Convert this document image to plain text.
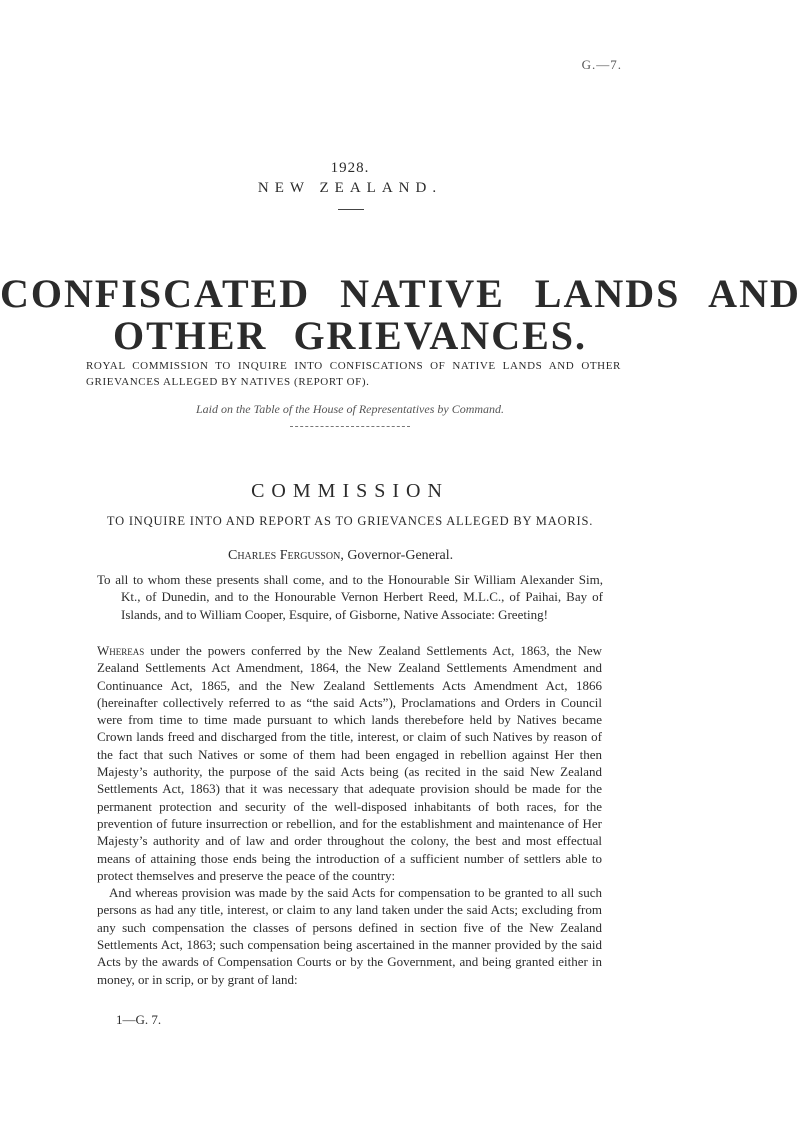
G.—7.
1928.
NEW ZEALAND.
CONFISCATED NATIVE LANDS AND
OTHER GRIEVANCES.
ROYAL COMMISSION TO INQUIRE INTO CONFISCATIONS OF NATIVE LANDS AND OTHER GRIEVANCES ALLEGED BY NATIVES (REPORT OF).
Laid on the Table of the House of Representatives by Command.
COMMISSION
TO INQUIRE INTO AND REPORT AS TO GRIEVANCES ALLEGED BY MAORIS.
Charles Fergusson, Governor-General.
To all to whom these presents shall come, and to the Honourable Sir William Alexander Sim, Kt., of Dunedin, and to the Honourable Vernon Herbert Reed, M.L.C., of Paihai, Bay of Islands, and to William Cooper, Esquire, of Gisborne, Native Associate: Greeting!

Whereas under the powers conferred by the New Zealand Settlements Act, 1863, the New Zealand Settlements Act Amendment, 1864, the New Zealand Settlements Amendment and Continuance Act, 1865, and the New Zealand Settlements Acts Amendment Act, 1866 (hereinafter collectively referred to as “the said Acts”), Proclamations and Orders in Council were from time to time made pursuant to which lands therebefore held by Natives became Crown lands freed and discharged from the title, interest, or claim of such Natives by reason of the fact that such Natives or some of them had been engaged in rebellion against Her then Majesty’s authority, the purpose of the said Acts being (as recited in the said New Zealand Settlements Act, 1863) that it was necessary that adequate provision should be made for the permanent protection and security of the well-disposed inhabitants of both races, for the prevention of future insurrection or rebellion, and for the establishment and maintenance of Her Majesty’s authority and of law and order throughout the colony, the best and most effectual means of attaining those ends being the introduction of a sufficient number of settlers able to protect themselves and preserve the peace of the country:

And whereas provision was made by the said Acts for compensation to be granted to all such persons as had any title, interest, or claim to any land taken under the said Acts; excluding from any such compensation the classes of persons defined in section five of the New Zealand Settlements Act, 1863; such compensation being ascertained in the manner provided by the said Acts by the awards of Compensation Courts or by the Government, and being granted either in money, or in scrip, or by grant of land:

1—G. 7.
